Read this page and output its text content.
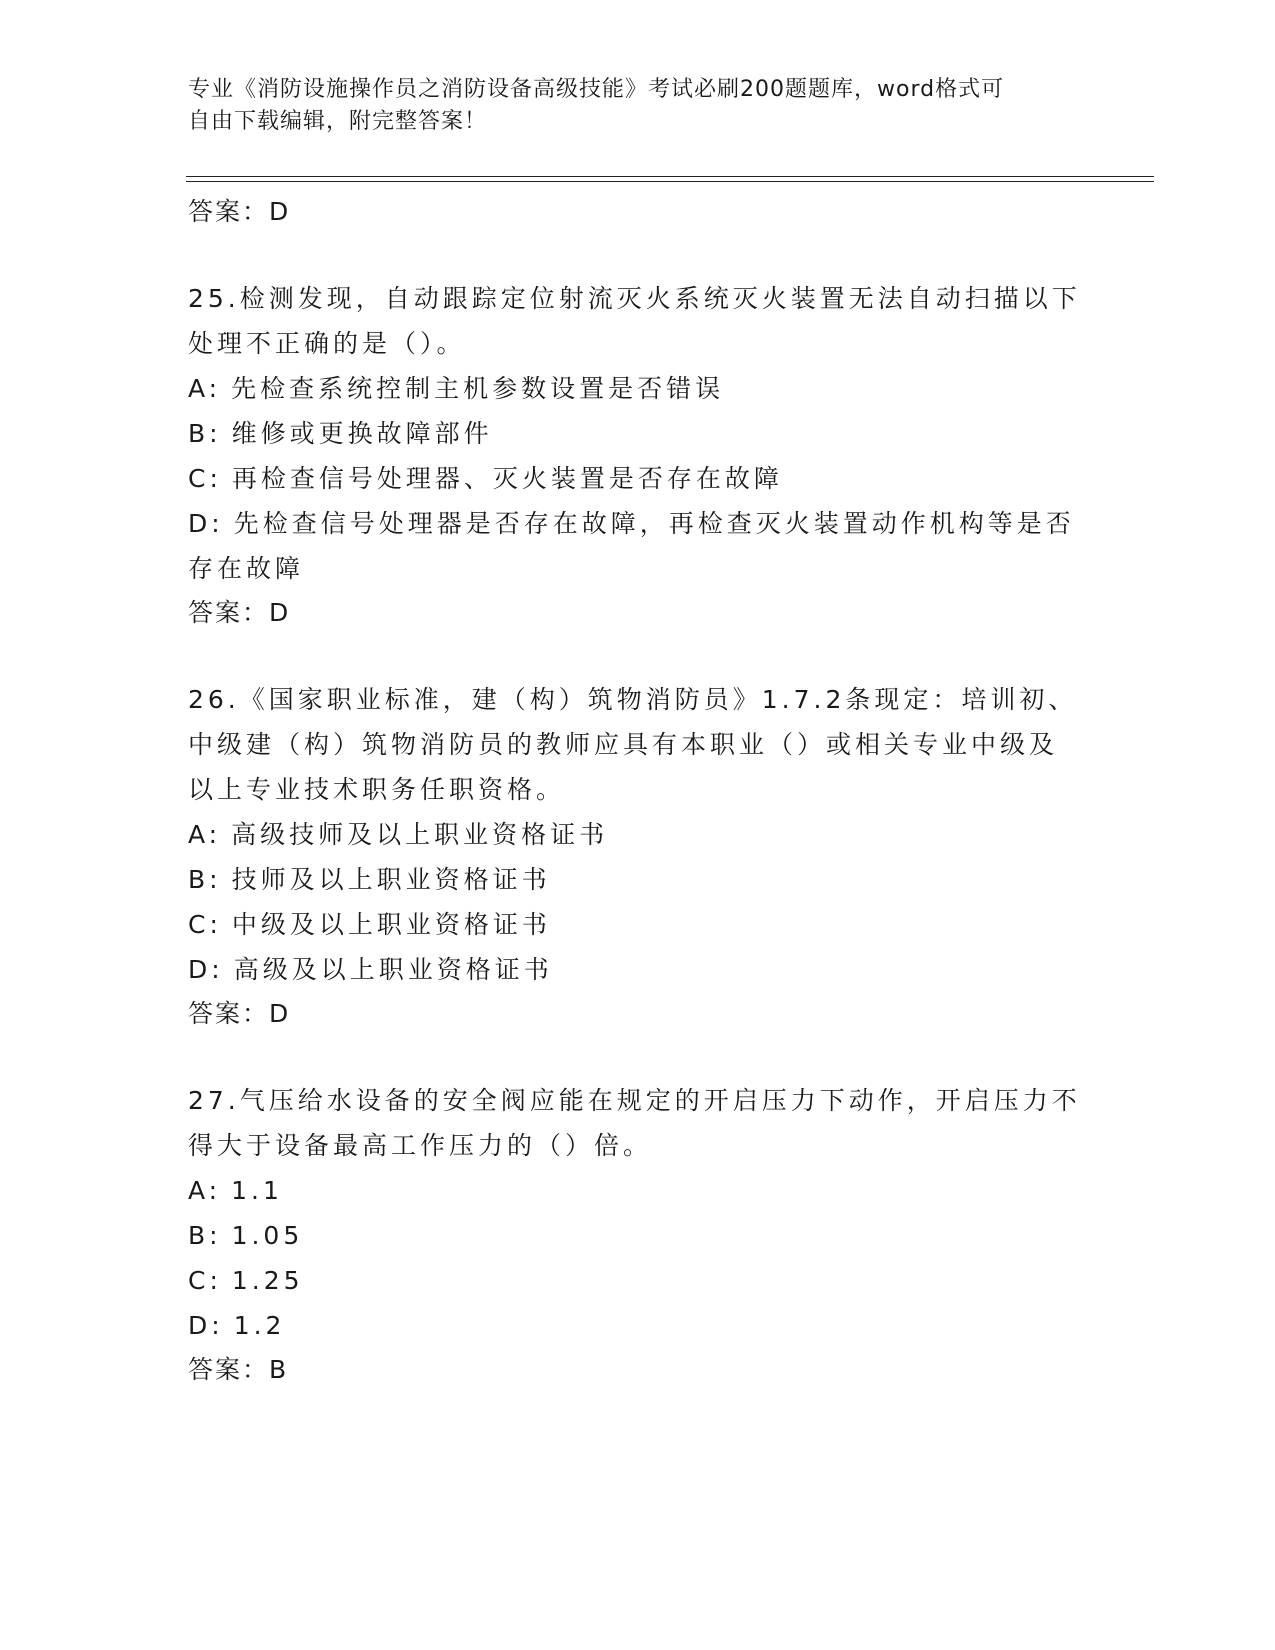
专业《消防设施操作员之消防设备高级技能》考试必刷200题题库，word格式可
自由下载编辑，附完整答案！
答案：D
25.检测发现，自动跟踪定位射流灭火系统灭火装置无法自动扫描以下
处理不正确的是（）。
A: 先检查系统控制主机参数设置是否错误
B: 维修或更换故障部件
C: 再检查信号处理器、灭火装置是否存在故障
D: 先检查信号处理器是否存在故障，再检查灭火装置动作机构等是否
存在故障
答案：D
26.《国家职业标准，建（构）筑物消防员》1.7.2条现定：培训初、
中级建（构）筑物消防员的教师应具有本职业（）或相关专业中级及
以上专业技术职务任职资格。
A: 高级技师及以上职业资格证书
B: 技师及以上职业资格证书
C: 中级及以上职业资格证书
D: 高级及以上职业资格证书
答案：D
27.气压给水设备的安全阀应能在规定的开启压力下动作，开启压力不
得大于设备最高工作压力的（）倍。
A: 1.1
B: 1.05
C: 1.25
D: 1.2
答案：B
